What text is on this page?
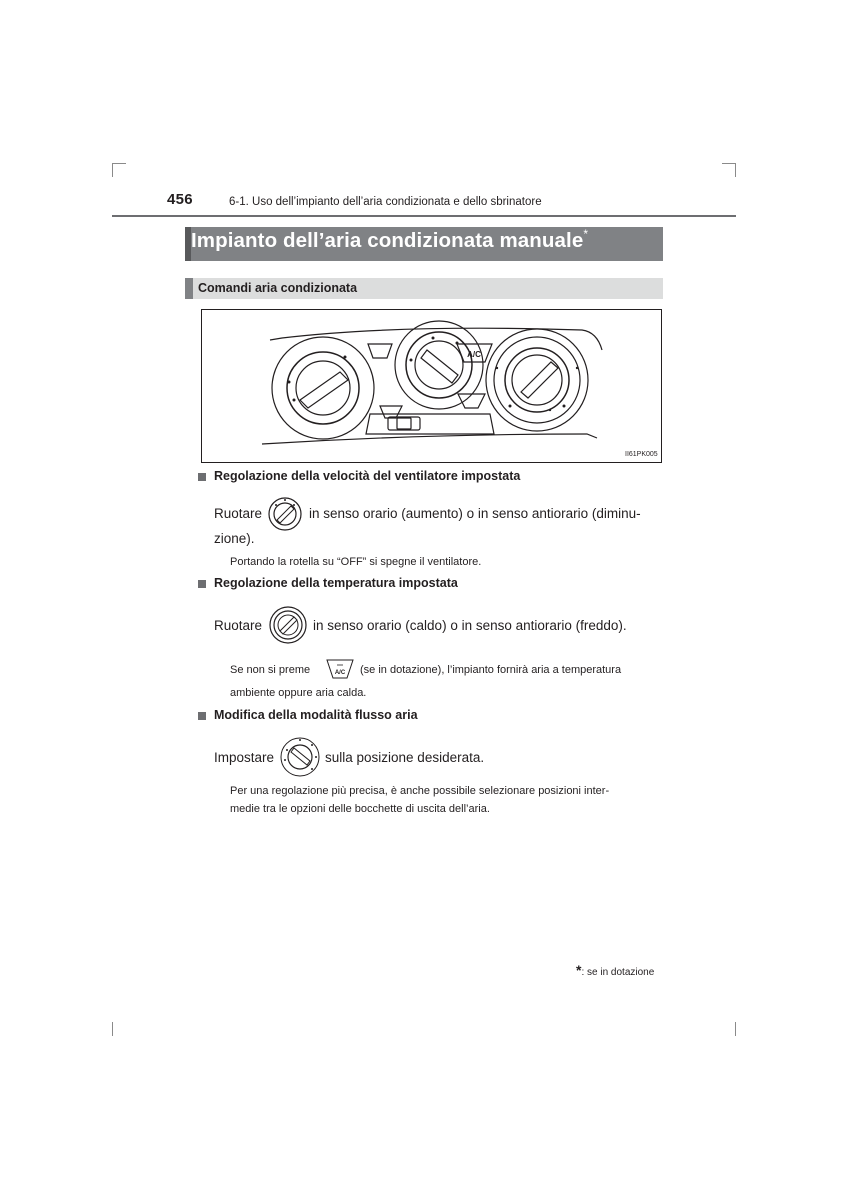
456	6-1. Uso dell’impianto dell’aria condizionata e dello sbrinatore
Impianto dell’aria condizionata manuale*
Comandi aria condizionata
A/C
II61PK005
Regolazione della velocità del ventilatore impostata
Ruotare	in senso orario (aumento) o in senso antiorario (diminu-
zione).
Portando la rotella su “OFF” si spegne il ventilatore.
Regolazione della temperatura impostata
Ruotare	in senso orario (caldo) o in senso antiorario (freddo).
Se non si preme	A/C (se in dotazione), l’impianto fornirà aria a temperatura
ambiente oppure aria calda.
Modifica della modalità flusso aria
Impostare	sulla posizione desiderata.
Per una regolazione più precisa, è anche possibile selezionare posizioni inter-
medie tra le opzioni delle bocchette di uscita dell’aria.
*: se in dotazione
